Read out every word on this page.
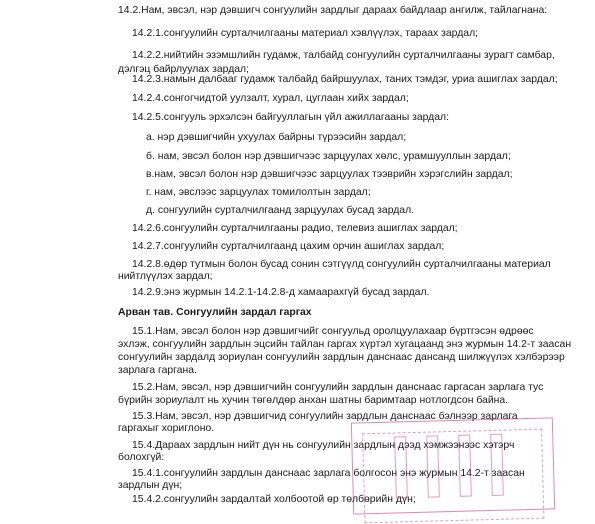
14.2.Нам, эвсэл, нэр дэвшигч сонгуулийн зардлыг дараах байдлаар ангилж, тайлагнана:
14.2.1.сонгуулийн сурталчилгааны материал хэвлүүлэх, тараах зардал;
14.2.2.нийтийн эзэмшлийн гудамж, талбайд сонгуулийн сурталчилгааны зурагт самбар,
дэлгэц байрлуулах зардал;
14.2.3.намын далбааг гудамж талбайд байршуулах, таних тэмдэг, уриа ашиглах зардал;
14.2.4.сонгогчидтой уулзалт, хурал, цуглаан хийх зардал;
14.2.5.сонгууль эрхэлсэн байгууллагын үйл ажиллагааны зардал:
а. нэр дэвшигчийн ухуулах байрны түрээсийн зардал;
б. нам, эвсэл болон нэр дэвшигчээс зарцуулах хөлс, урамшууллын зардал;
в.нам, эвсэл болон нэр дэвшигчээс зарцуулах тээврийн хэрэгслийн зардал;
г. нам, эвслээс зарцуулах томилолтын зардал;
д. сонгуулийн сурталчилгаанд зарцуулах бусад зардал.
14.2.6.сонгуулийн сурталчилгааны радио, телевиз ашиглах зардал;
14.2.7.сонгуулийн сурталчилгаанд цахим орчин ашиглах зардал;
14.2.8.өдөр тутмын болон бусад сонин сэтгүүлд сонгуулийн сурталчилгааны материал
нийтлүүлэх зардал;
14.2.9.энэ журмын 14.2.1-14.2.8-д хамаарахгүй бусад зардал.
Арван тав. Сонгуулийн зардал гаргах
15.1.Нам, эвсэл болон нэр дэвшигчийг сонгуульд оролцуулахаар бүртгэсэн өдрөөс
эхлэж, сонгуулийн зардлын эцсийн тайлан гаргах хүртэл хугацаанд энэ журмын 14.2-т заасан
сонгуулийн зардалд зориулан сонгуулийн зардлын данснаас дансанд шилжүүлэх хэлбэрээр
зарлага гаргана.
15.2.Нам, эвсэл, нэр дэвшигчийн сонгуулийн зардлын данснаас гаргасан зарлага тус
бүрийн зориулалт нь хучин төгөлдөр анхан шатны баримтаар нотлогдсон байна.
15.3.Нам, эвсэл, нэр дэвшигчид сонгуулийн зардлын данснаас бэлнээр зарлага
гаргахыг хориглоно.
15.4.Дараах зардлын нийт дүн нь сонгуулийн зардлын дээд хэмжээнээс хэтэрч
болохгүй:
15.4.1.сонгуулийн зардлын данснаас зарлага болгосон энэ журмын 14.2-т заасан
зардлын дүн;
15.4.2.сонгуулийн зардалтай холбоотой өр төлбөрийн дүн;
